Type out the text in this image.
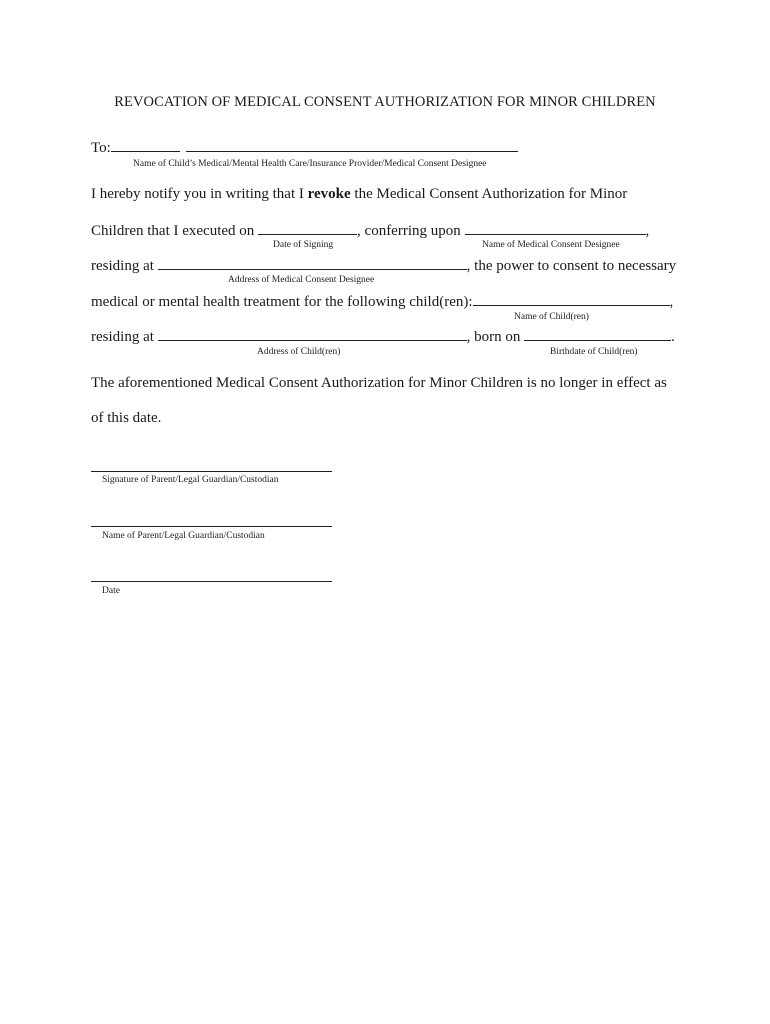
REVOCATION OF MEDICAL CONSENT AUTHORIZATION FOR MINOR CHILDREN
To:
Name of Child’s Medical/Mental Health Care/Insurance Provider/Medical Consent Designee
I hereby notify you in writing that I revoke the Medical Consent Authorization for Minor
Children that I executed on	, conferring upon	,
Date of Signing	Name of Medical Consent Designee
residing at	, the power to consent to necessary
Address of Medical Consent Designee
medical or mental health treatment for the following child(ren):	,
Name of Child(ren)
residing at	, born on	.
Address of Child(ren)	Birthdate of Child(ren)
The aforementioned Medical Consent Authorization for Minor Children is no longer in effect as
of this date.
Signature of Parent/Legal Guardian/Custodian
Name of Parent/Legal Guardian/Custodian
Date
